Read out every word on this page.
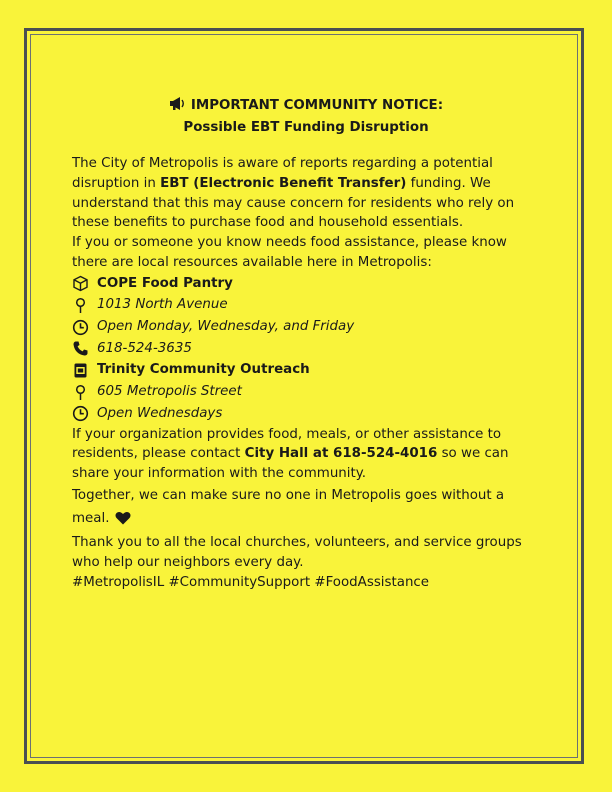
IMPORTANT COMMUNITY NOTICE:
Possible EBT Funding Disruption

The City of Metropolis is aware of reports regarding a potential disruption in EBT (Electronic Benefit Transfer) funding. We understand that this may cause concern for residents who rely on these benefits to purchase food and household essentials.

If you or someone you know needs food assistance, please know there are local resources available here in Metropolis:

COPE Food Pantry
1013 North Avenue
Open Monday, Wednesday, and Friday
618-524-3635
Trinity Community Outreach
605 Metropolis Street
Open Wednesdays

If your organization provides food, meals, or other assistance to residents, please contact City Hall at 618-524-4016 so we can share your information with the community.

Together, we can make sure no one in Metropolis goes without a meal.

Thank you to all the local churches, volunteers, and service groups who help our neighbors every day.

#MetropolisIL #CommunitySupport #FoodAssistance
